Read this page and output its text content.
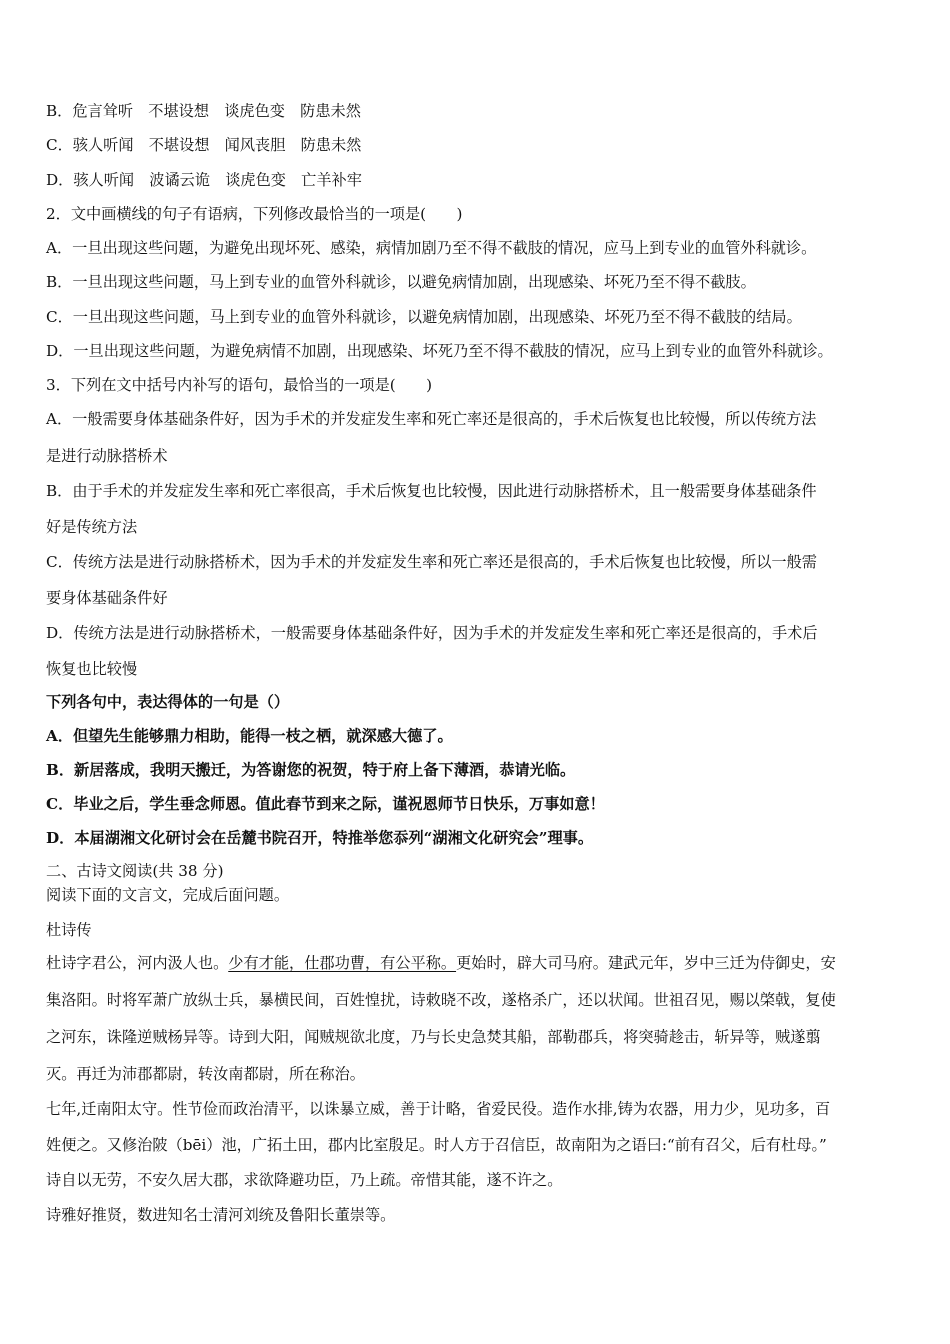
B．危言耸听　不堪设想　谈虎色变　防患未然
C．骇人听闻　不堪设想　闻风丧胆　防患未然
D．骇人听闻　波谲云诡　谈虎色变　亡羊补牢
2．文中画横线的句子有语病，下列修改最恰当的一项是(　　)
A．一旦出现这些问题，为避免出现坏死、感染，病情加剧乃至不得不截肢的情况，应马上到专业的血管外科就诊。
B．一旦出现这些问题，马上到专业的血管外科就诊，以避免病情加剧，出现感染、坏死乃至不得不截肢。
C．一旦出现这些问题，马上到专业的血管外科就诊，以避免病情加剧，出现感染、坏死乃至不得不截肢的结局。
D．一旦出现这些问题，为避免病情不加剧，出现感染、坏死乃至不得不截肢的情况，应马上到专业的血管外科就诊。
3．下列在文中括号内补写的语句，最恰当的一项是(　　)
A．一般需要身体基础条件好，因为手术的并发症发生率和死亡率还是很高的，手术后恢复也比较慢，所以传统方法
是进行动脉搭桥术
B．由于手术的并发症发生率和死亡率很高，手术后恢复也比较慢，因此进行动脉搭桥术，且一般需要身体基础条件
好是传统方法
C．传统方法是进行动脉搭桥术，因为手术的并发症发生率和死亡率还是很高的，手术后恢复也比较慢，所以一般需
要身体基础条件好
D．传统方法是进行动脉搭桥术，一般需要身体基础条件好，因为手术的并发症发生率和死亡率还是很高的，手术后
恢复也比较慢
下列各句中，表达得体的一句是（）
A．但望先生能够鼎力相助，能得一枝之栖，就深感大德了。
B．新居落成，我明天搬迁，为答谢您的祝贺，特于府上备下薄酒，恭请光临。
C．毕业之后，学生垂念师恩。值此春节到来之际，谨祝恩师节日快乐，万事如意！
D．本届湖湘文化研讨会在岳麓书院召开，特推举您忝列“湖湘文化研究会”理事。
二、古诗文阅读(共 38 分)
阅读下面的文言文，完成后面问题。
杜诗传
杜诗字君公，河内汲人也。少有才能，仕郡功曹，有公平称。更始时，辟大司马府。建武元年，岁中三迁为侍御史，安
集洛阳。时将军萧广放纵士兵，暴横民间，百姓惶扰，诗敕晓不改，遂格杀广，还以状闻。世祖召见，赐以棨戟，复使
之河东，诛隆逆贼杨异等。诗到大阳，闻贼规欲北度，乃与长史急焚其船，部勒郡兵，将突骑趁击，斩异等，贼遂翦
灭。再迁为沛郡都尉，转汝南都尉，所在称治。
七年,迁南阳太守。性节俭而政治清平，以诛暴立威，善于计略，省爱民役。造作水排,铸为农器，用力少，见功多，百
姓便之。又修治陂（bēi）池，广拓土田，郡内比室殷足。时人方于召信臣，故南阳为之语曰:“前有召父，后有杜母。”
诗自以无劳，不安久居大郡，求欲降避功臣，乃上疏。帝惜其能，遂不许之。
诗雅好推贤，数进知名士清河刘统及鲁阳长董崇等。
